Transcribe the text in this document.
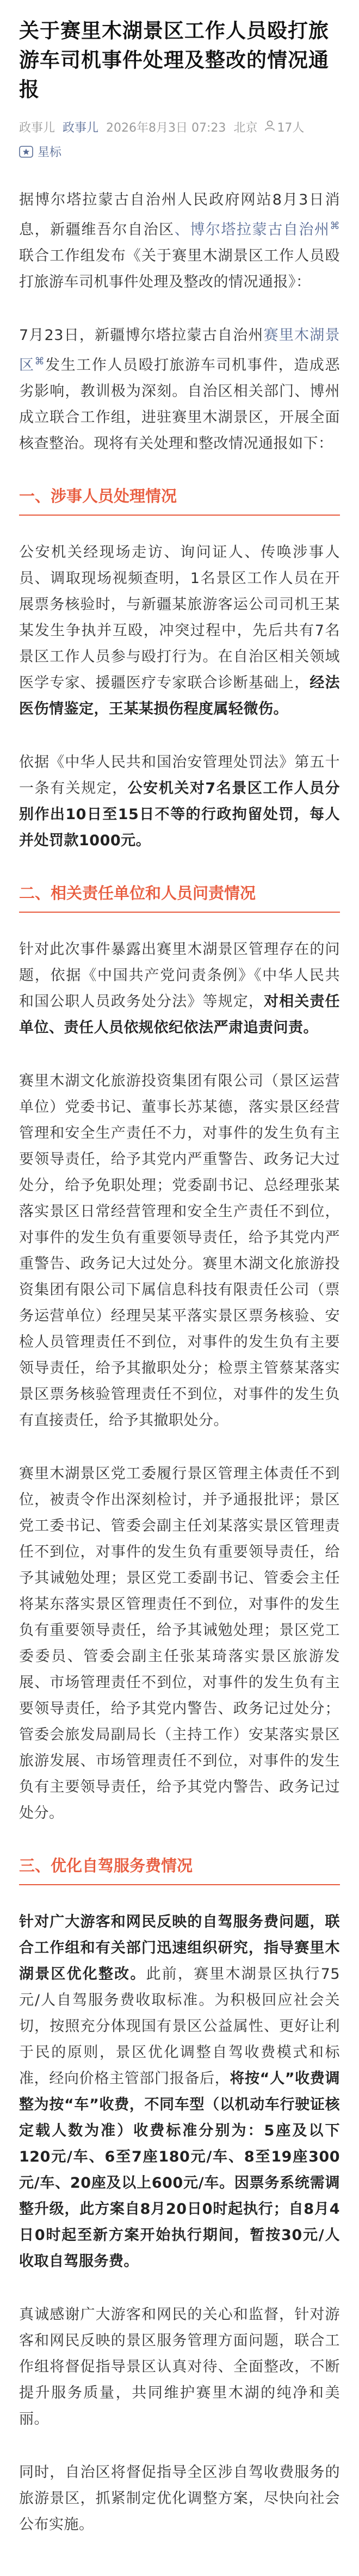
关于赛里木湖景区工作人员殴打旅游车司机事件处理及整改的情况通报
政事儿 政事儿 2026年8月3日 07:23 北京 17人
星标

据博尔塔拉蒙古自治州人民政府网站8月3日消息，新疆维吾尔自治区、博尔塔拉蒙古自治州⌘联合工作组发布《关于赛里木湖景区工作人员殴打旅游车司机事件处理及整改的情况通报》：

7月23日，新疆博尔塔拉蒙古自治州赛里木湖景区⌘发生工作人员殴打旅游车司机事件，造成恶劣影响，教训极为深刻。自治区相关部门、博州成立联合工作组，进驻赛里木湖景区，开展全面核查整治。现将有关处理和整改情况通报如下：

一、涉事人员处理情况

公安机关经现场走访、询问证人、传唤涉事人员、调取现场视频查明，1名景区工作人员在开展票务核验时，与新疆某旅游客运公司司机王某某发生争执并互殴，冲突过程中，先后共有7名景区工作人员参与殴打行为。在自治区相关领域医学专家、援疆医疗专家联合诊断基础上，经法医伤情鉴定，王某某损伤程度属轻微伤。

依据《中华人民共和国治安管理处罚法》第五十一条有关规定，公安机关对7名景区工作人员分别作出10日至15日不等的行政拘留处罚，每人并处罚款1000元。

二、相关责任单位和人员问责情况

针对此次事件暴露出赛里木湖景区管理存在的问题，依据《中国共产党问责条例》《中华人民共和国公职人员政务处分法》等规定，对相关责任单位、责任人员依规依纪依法严肃追责问责。

赛里木湖文化旅游投资集团有限公司（景区运营单位）党委书记、董事长苏某德，落实景区经营管理和安全生产责任不力，对事件的发生负有主要领导责任，给予其党内严重警告、政务记大过处分，给予免职处理；党委副书记、总经理张某落实景区日常经营管理和安全生产责任不到位，对事件的发生负有重要领导责任，给予其党内严重警告、政务记大过处分。赛里木湖文化旅游投资集团有限公司下属信息科技有限责任公司（票务运营单位）经理吴某平落实景区票务核验、安检人员管理责任不到位，对事件的发生负有主要领导责任，给予其撤职处分；检票主管蔡某落实景区票务核验管理责任不到位，对事件的发生负有直接责任，给予其撤职处分。

赛里木湖景区党工委履行景区管理主体责任不到位，被责令作出深刻检讨，并予通报批评；景区党工委书记、管委会副主任刘某落实景区管理责任不到位，对事件的发生负有重要领导责任，给予其诫勉处理；景区党工委副书记、管委会主任将某东落实景区管理责任不到位，对事件的发生负有重要领导责任，给予其诫勉处理；景区党工委委员、管委会副主任张某琦落实景区旅游发展、市场管理责任不到位，对事件的发生负有主要领导责任，给予其党内警告、政务记过处分；管委会旅发局副局长（主持工作）安某落实景区旅游发展、市场管理责任不到位，对事件的发生负有主要领导责任，给予其党内警告、政务记过处分。

三、优化自驾服务费情况

针对广大游客和网民反映的自驾服务费问题，联合工作组和有关部门迅速组织研究，指导赛里木湖景区优化整改。此前，赛里木湖景区执行75元/人自驾服务费收取标准。为积极回应社会关切，按照充分体现国有景区公益属性、更好让利于民的原则，景区优化调整自驾收费模式和标准，经向价格主管部门报备后，将按“人”收费调整为按“车”收费，不同车型（以机动车行驶证核定载人数为准）收费标准分别为：5座及以下120元/车、6至7座180元/车、8至19座300元/车、20座及以上600元/车。因票务系统需调整升级，此方案自8月20日0时起执行；自8月4日0时起至新方案开始执行期间，暂按30元/人收取自驾服务费。

真诚感谢广大游客和网民的关心和监督，针对游客和网民反映的景区服务管理方面问题，联合工作组将督促指导景区认真对待、全面整改，不断提升服务质量，共同维护赛里木湖的纯净和美丽。

同时，自治区将督促指导全区涉自驾收费服务的旅游景区，抓紧制定优化调整方案，尽快向社会公布实施。
